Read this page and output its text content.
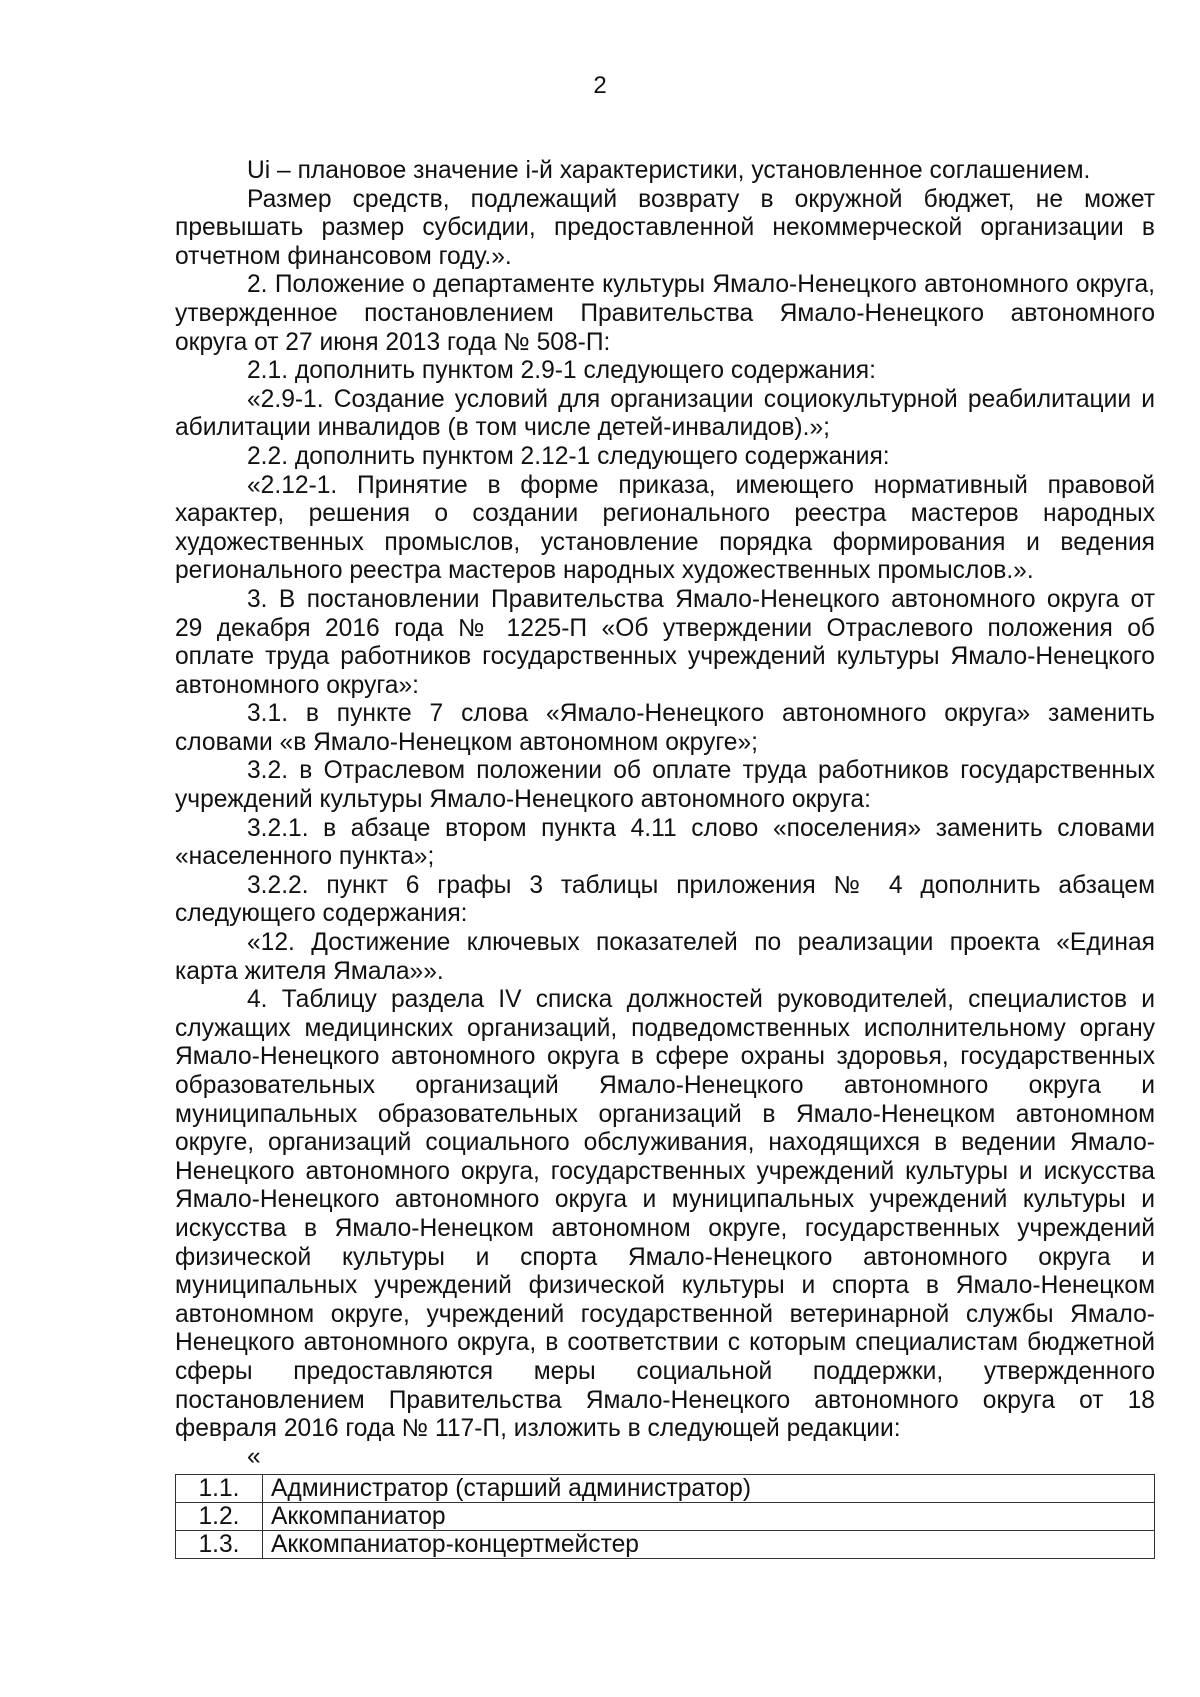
2

Ui – плановое значение i-й характеристики, установленное соглашением.

Размер средств, подлежащий возврату в окружной бюджет, не может превышать размер субсидии, предоставленной некоммерческой организации в отчетном финансовом году.».

2. Положение о департаменте культуры Ямало-Ненецкого автономного округа, утвержденное постановлением Правительства Ямало-Ненецкого автономного округа от 27 июня 2013 года № 508-П:

2.1. дополнить пунктом 2.9-1 следующего содержания:

«2.9-1. Создание условий для организации социокультурной реабилитации и абилитации инвалидов (в том числе детей-инвалидов).»;

2.2. дополнить пунктом 2.12-1 следующего содержания:

«2.12-1. Принятие в форме приказа, имеющего нормативный правовой характер, решения о создании регионального реестра мастеров народных художественных промыслов, установление порядка формирования и ведения регионального реестра мастеров народных художественных промыслов.».

3. В постановлении Правительства Ямало-Ненецкого автономного округа от 29 декабря 2016 года № 1225-П «Об утверждении Отраслевого положения об оплате труда работников государственных учреждений культуры Ямало-Ненецкого автономного округа»:

3.1. в пункте 7 слова «Ямало-Ненецкого автономного округа» заменить словами «в Ямало-Ненецком автономном округе»;

3.2. в Отраслевом положении об оплате труда работников государственных учреждений культуры Ямало-Ненецкого автономного округа:

3.2.1. в абзаце втором пункта 4.11 слово «поселения» заменить словами «населенного пункта»;

3.2.2. пункт 6 графы 3 таблицы приложения № 4 дополнить абзацем следующего содержания:

«12. Достижение ключевых показателей по реализации проекта «Единая карта жителя Ямала»».

4. Таблицу раздела IV списка должностей руководителей, специалистов и служащих медицинских организаций, подведомственных исполнительному органу Ямало-Ненецкого автономного округа в сфере охраны здоровья, государственных образовательных организаций Ямало-Ненецкого автономного округа и муниципальных образовательных организаций в Ямало-Ненецком автономном округе, организаций социального обслуживания, находящихся в ведении Ямало-Ненецкого автономного округа, государственных учреждений культуры и искусства Ямало-Ненецкого автономного округа и муниципальных учреждений культуры и искусства в Ямало-Ненецком автономном округе, государственных учреждений физической культуры и спорта Ямало-Ненецкого автономного округа и муниципальных учреждений физической культуры и спорта в Ямало-Ненецком автономном округе, учреждений государственной ветеринарной службы Ямало-Ненецкого автономного округа, в соответствии с которым специалистам бюджетной сферы предоставляются меры социальной поддержки, утвержденного постановлением Правительства Ямало-Ненецкого автономного округа от 18 февраля 2016 года № 117-П, изложить в следующей редакции:

«

1.1.	Администратор (старший администратор)
1.2.	Аккомпаниатор
1.3.	Аккомпаниатор-концертмейстер
